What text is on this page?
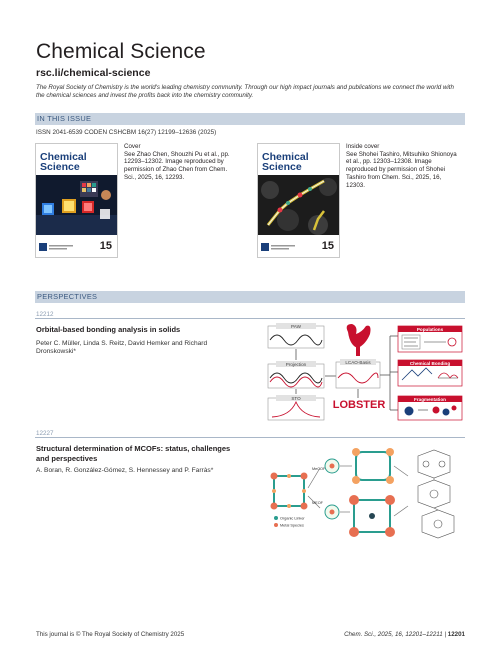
Chemical Science
rsc.li/chemical-science
The Royal Society of Chemistry is the world's leading chemistry community. Through our high impact journals and publications we connect the world with the chemical sciences and invest the profits back into the chemistry community.
IN THIS ISSUE
ISSN 2041-6539 CODEN CSHCBM 16(27) 12199–12636 (2025)
Chemical
Science
15
Cover
See Zhao Chen, Shouzhi Pu et al., pp. 12293–12302. Image reproduced by permission of Zhao Chen from Chem. Sci., 2025, 16, 12293.
Chemical
Science
15
Inside cover
See Shohei Tashiro, Mitsuhiko Shionoya et al., pp. 12303–12308. Image reproduced by permission of Shohei Tashiro from Chem. Sci., 2025, 16, 12303.
PERSPECTIVES
12212
Orbital-based bonding analysis in solids
Peter C. Müller, Linda S. Reitz, David Hemker and Richard Dronskowski*
PAW
Projection
STO
LCAO-Basis
LOBSTER
Populations
Chemical Bonding
Fragmentation
12227
Structural determination of MCOFs: status, challenges and perspectives
A. Boran, R. González-Gómez, S. Hennessey and P. Farràs*
Organic Linker
Metal Species
MeCOF
MEOF
This journal is © The Royal Society of Chemistry 2025	Chem. Sci., 2025, 16, 12201–12211 | 12201
